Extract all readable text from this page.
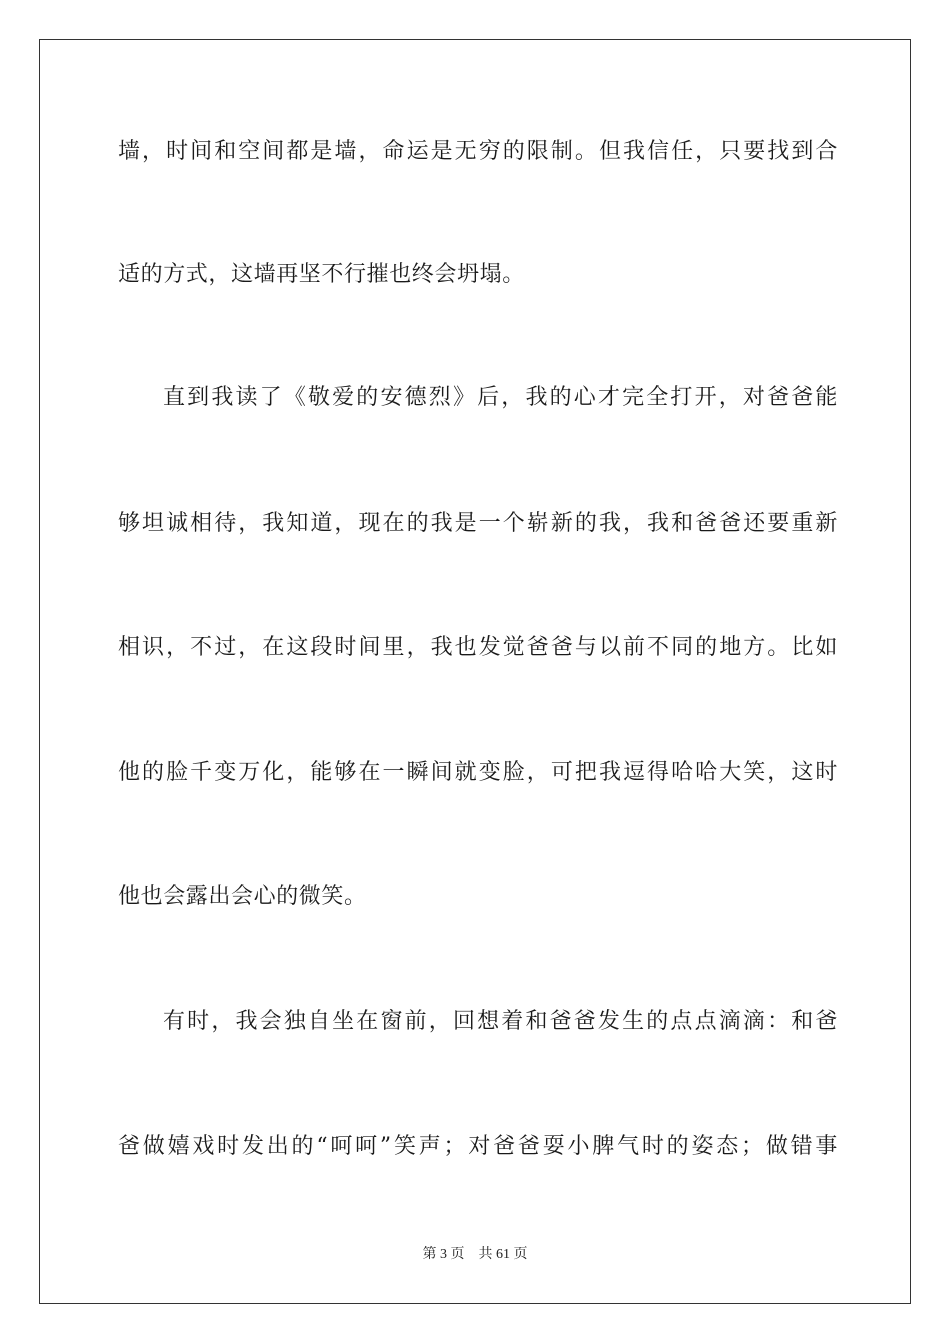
墙，时间和空间都是墙，命运是无穷的限制。但我信任，只要找到合
适的方式，这墙再坚不行摧也终会坍塌。
直到我读了《敬爱的安德烈》后，我的心才完全打开，对爸爸能
够坦诚相待，我知道，现在的我是一个崭新的我，我和爸爸还要重新
相识，不过，在这段时间里，我也发觉爸爸与以前不同的地方。比如
他的脸千变万化，能够在一瞬间就变脸，可把我逗得哈哈大笑，这时
他也会露出会心的微笑。
有时，我会独自坐在窗前，回想着和爸爸发生的点点滴滴：和爸
爸做嬉戏时发出的“呵呵”笑声；对爸爸耍小脾气时的姿态；做错事
第 3 页 共 61 页
